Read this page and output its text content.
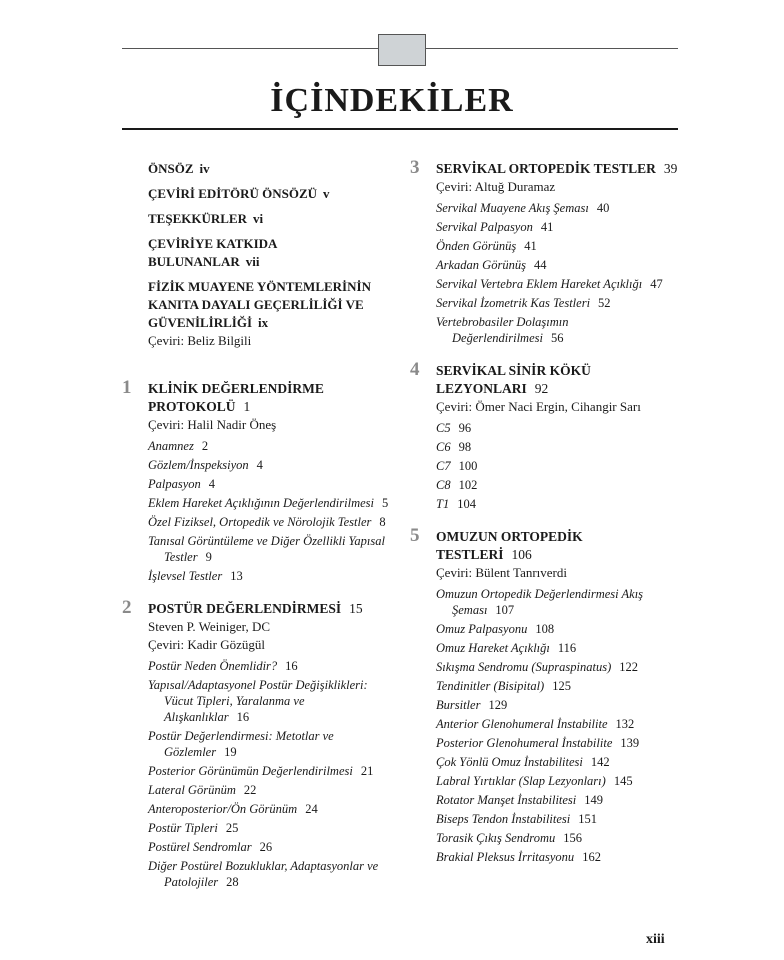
İÇİNDEKİLER
ÖNSÖZ iv
ÇEVİRİ EDİTÖRÜ ÖNSÖZÜ v
TEŞEKKÜRLER vi
ÇEVİRİYE KATKIDA BULUNANLAR vii
FİZİK MUAYENE YÖNTEMLERİNİN KANITA DAYALI GEÇERLİLİĞİ VE GÜVENİLİRLİĞİ ix
Çeviri: Beliz Bilgili
1 KLİNİK DEĞERLENDİRME PROTOKOLÜ 1
Çeviri: Halil Nadir Öneş
Anamnez 2
Gözlem/İnspeksiyon 4
Palpasyon 4
Eklem Hareket Açıklığının Değerlendirilmesi 5
Özel Fiziksel, Ortopedik ve Nörolojik Testler 8
Tanısal Görüntüleme ve Diğer Özellikli Yapısal Testler 9
İşlevsel Testler 13
2 POSTÜR DEĞERLENDİRMESİ 15
Steven P. Weiniger, DC
Çeviri: Kadir Gözügül
Postür Neden Önemlidir? 16
Yapısal/Adaptasyonel Postür Değişiklikleri: Vücut Tipleri, Yaralanma ve Alışkanlıklar 16
Postür Değerlendirmesi: Metotlar ve Gözlemler 19
Posterior Görünümün Değerlendirilmesi 21
Lateral Görünüm 22
Anteroposterior/Ön Görünüm 24
Postür Tipleri 25
Postürel Sendromlar 26
Diğer Postürel Bozukluklar, Adaptasyonlar ve Patolojiler 28
3 SERVİKAL ORTOPEDİK TESTLER 39
Çeviri: Altuğ Duramaz
Servikal Muayene Akış Şeması 40
Servikal Palpasyon 41
Önden Görünüş 41
Arkadan Görünüş 44
Servikal Vertebra Eklem Hareket Açıklığı 47
Servikal İzometrik Kas Testleri 52
Vertebrobasiler Dolaşımın Değerlendirilmesi 56
4 SERVİKAL SİNİR KÖKÜ LEZYONLARI 92
Çeviri: Ömer Naci Ergin, Cihangir Sarı
C5 96
C6 98
C7 100
C8 102
T1 104
5 OMUZUN ORTOPEDİK TESTLERİ 106
Çeviri: Bülent Tanrıverdi
Omuzun Ortopedik Değerlendirmesi Akış Şeması 107
Omuz Palpasyonu 108
Omuz Hareket Açıklığı 116
Sıkışma Sendromu (Supraspinatus) 122
Tendinitler (Bisipital) 125
Bursitler 129
Anterior Glenohumeral İnstabilite 132
Posterior Glenohumeral İnstabilite 139
Çok Yönlü Omuz İnstabilitesi 142
Labral Yırtıklar (Slap Lezyonları) 145
Rotator Manşet İnstabilitesi 149
Biseps Tendon İnstabilitesi 151
Torasik Çıkış Sendromu 156
Brakial Pleksus İrritasyonu 162
xiii
